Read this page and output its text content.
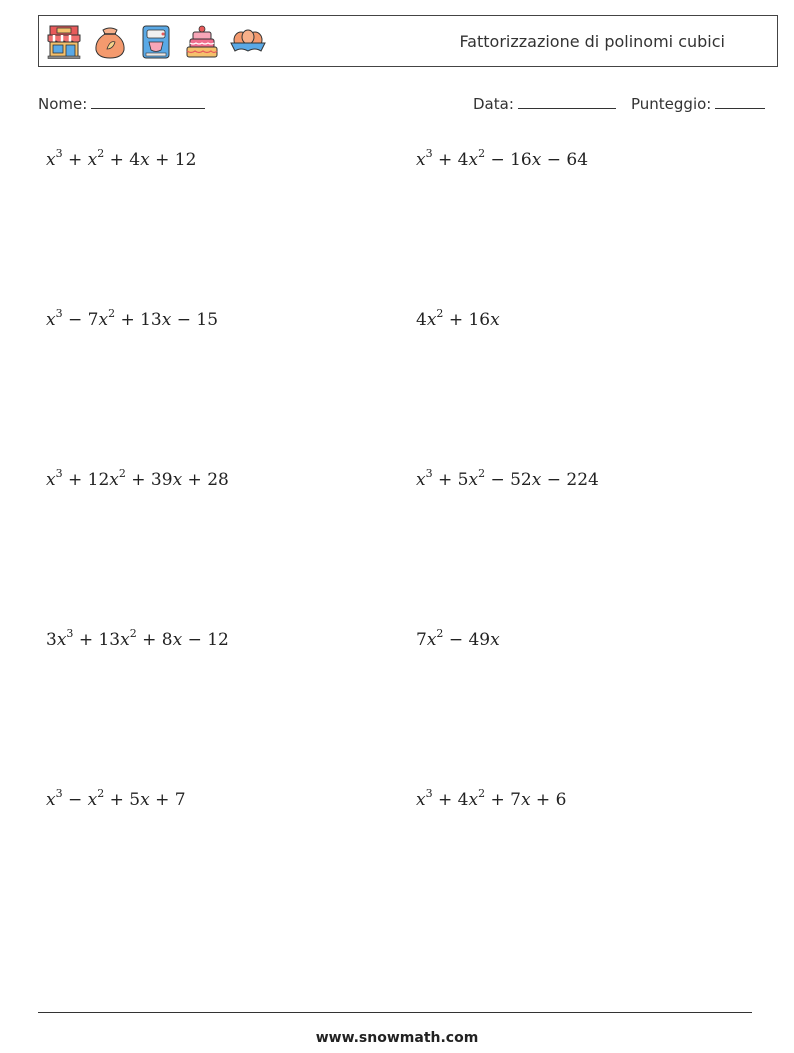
Fattorizzazione di polinomi cubici
Nome:	Data:	Punteggio:
$x^3 + x^2 + 4x + 12$	$x^3 + 4x^2 - 16x - 64$
$x^3 - 7x^2 + 13x - 15$	$4x^2 + 16x$
$x^3 + 12x^2 + 39x + 28$	$x^3 + 5x^2 - 52x - 224$
$3x^3 + 13x^2 + 8x - 12$	$7x^2 - 49x$
$x^3 - x^2 + 5x + 7$	$x^3 + 4x^2 + 7x + 6$
www.snowmath.com
